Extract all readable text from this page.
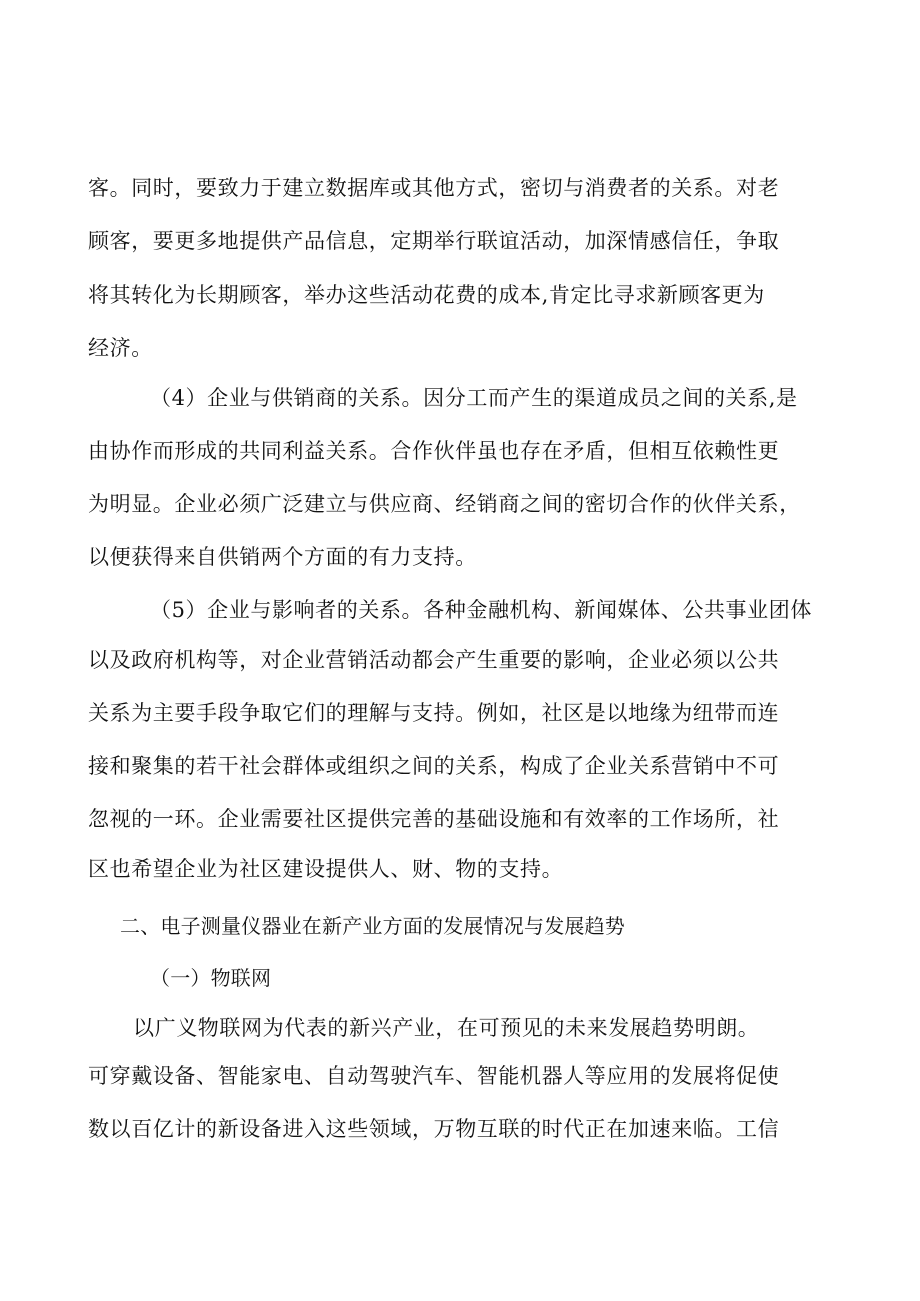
客。同时，要致力于建立数据库或其他方式，密切与消费者的关系。对老
顾客，要更多地提供产品信息，定期举行联谊活动，加深情感信任，争取
将其转化为长期顾客，举办这些活动花费的成本,肯定比寻求新顾客更为
经济。
（4）企业与供销商的关系。因分工而产生的渠道成员之间的关系,是
由协作而形成的共同利益关系。合作伙伴虽也存在矛盾，但相互依赖性更
为明显。企业必须广泛建立与供应商、经销商之间的密切合作的伙伴关系，
以便获得来自供销两个方面的有力支持。
（5）企业与影响者的关系。各种金融机构、新闻媒体、公共事业团体
以及政府机构等，对企业营销活动都会产生重要的影响，企业必须以公共
关系为主要手段争取它们的理解与支持。例如，社区是以地缘为纽带而连
接和聚集的若干社会群体或组织之间的关系，构成了企业关系营销中不可
忽视的一环。企业需要社区提供完善的基础设施和有效率的工作场所，社
区也希望企业为社区建设提供人、财、物的支持。
二、电子测量仪器业在新产业方面的发展情况与发展趋势
（一）物联网
以广义物联网为代表的新兴产业，在可预见的未来发展趋势明朗。
可穿戴设备、智能家电、自动驾驶汽车、智能机器人等应用的发展将促使
数以百亿计的新设备进入这些领域，万物互联的时代正在加速来临。工信
